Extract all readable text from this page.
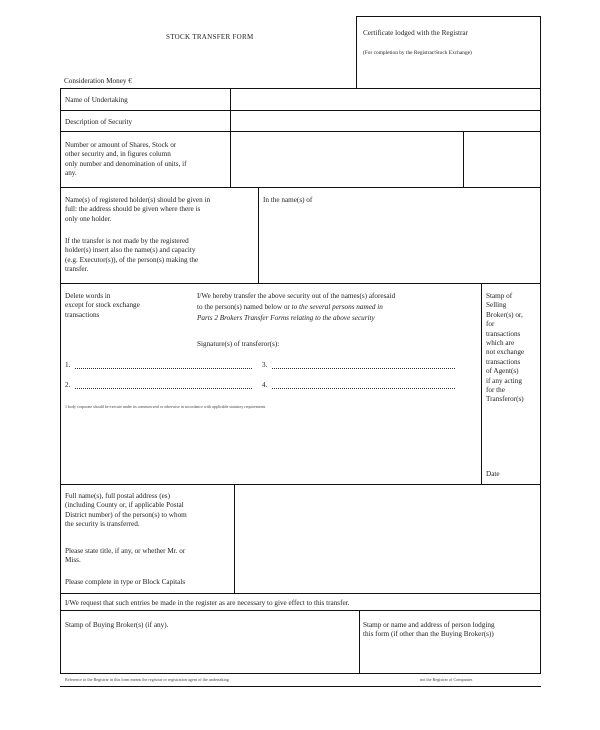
STOCK TRANSFER FORM	Certificate lodged with the Registrar
(For completion by the Registrar/Stock Exchange)
Consideration Money €
Name of Undertaking
Description of Security
Number or amount of Shares, Stock or
other security and, in figures column
only number and denomination of units, if
any.
Name(s) of registered holder(s) should be given in
full: the address should be given where there is
only one holder.
If the transfer is not made by the registered
holder(s) insert also the name(s) and capacity
(e.g. Executor(s)), of the person(s) making the
transfer.
In the name(s) of
Delete words in
except for stock exchange
transactions
I/We hereby transfer the above security out of the names(s) aforesaid
to the person(s) named below or to the several persons named in
Parts 2 Brokers Transfer Forms relating to the above security
Signature(s) of transferor(s):
1.
2.
3.
4.
1 body corporate should be execute under its common seal or otherwise in accordance with applicable statutory requirements
Stamp of
Selling
Broker(s) or,
for
transactions
which are
not exchange
transactions
of Agent(s)
if any acting
for the
Transferor(s)
Date
Full name(s), full postal address (es)
(including County or, if applicable Postal
District number) of the person(s) to whom
the security is transferred.
Please state title, if any, or whether Mr. or
Miss.
Please complete in type or Block Capitals
I/We request that such entries be made in the register as are necessary to give effect to this transfer.
Stamp of Buying Broker(s) (if any).	Stamp or name and address of person lodging
this form (if other than the Buying Broker(s))
Reference to the Registrar in this form means the registrar or registration agent of the undertaking	not the Registrar of Companies
